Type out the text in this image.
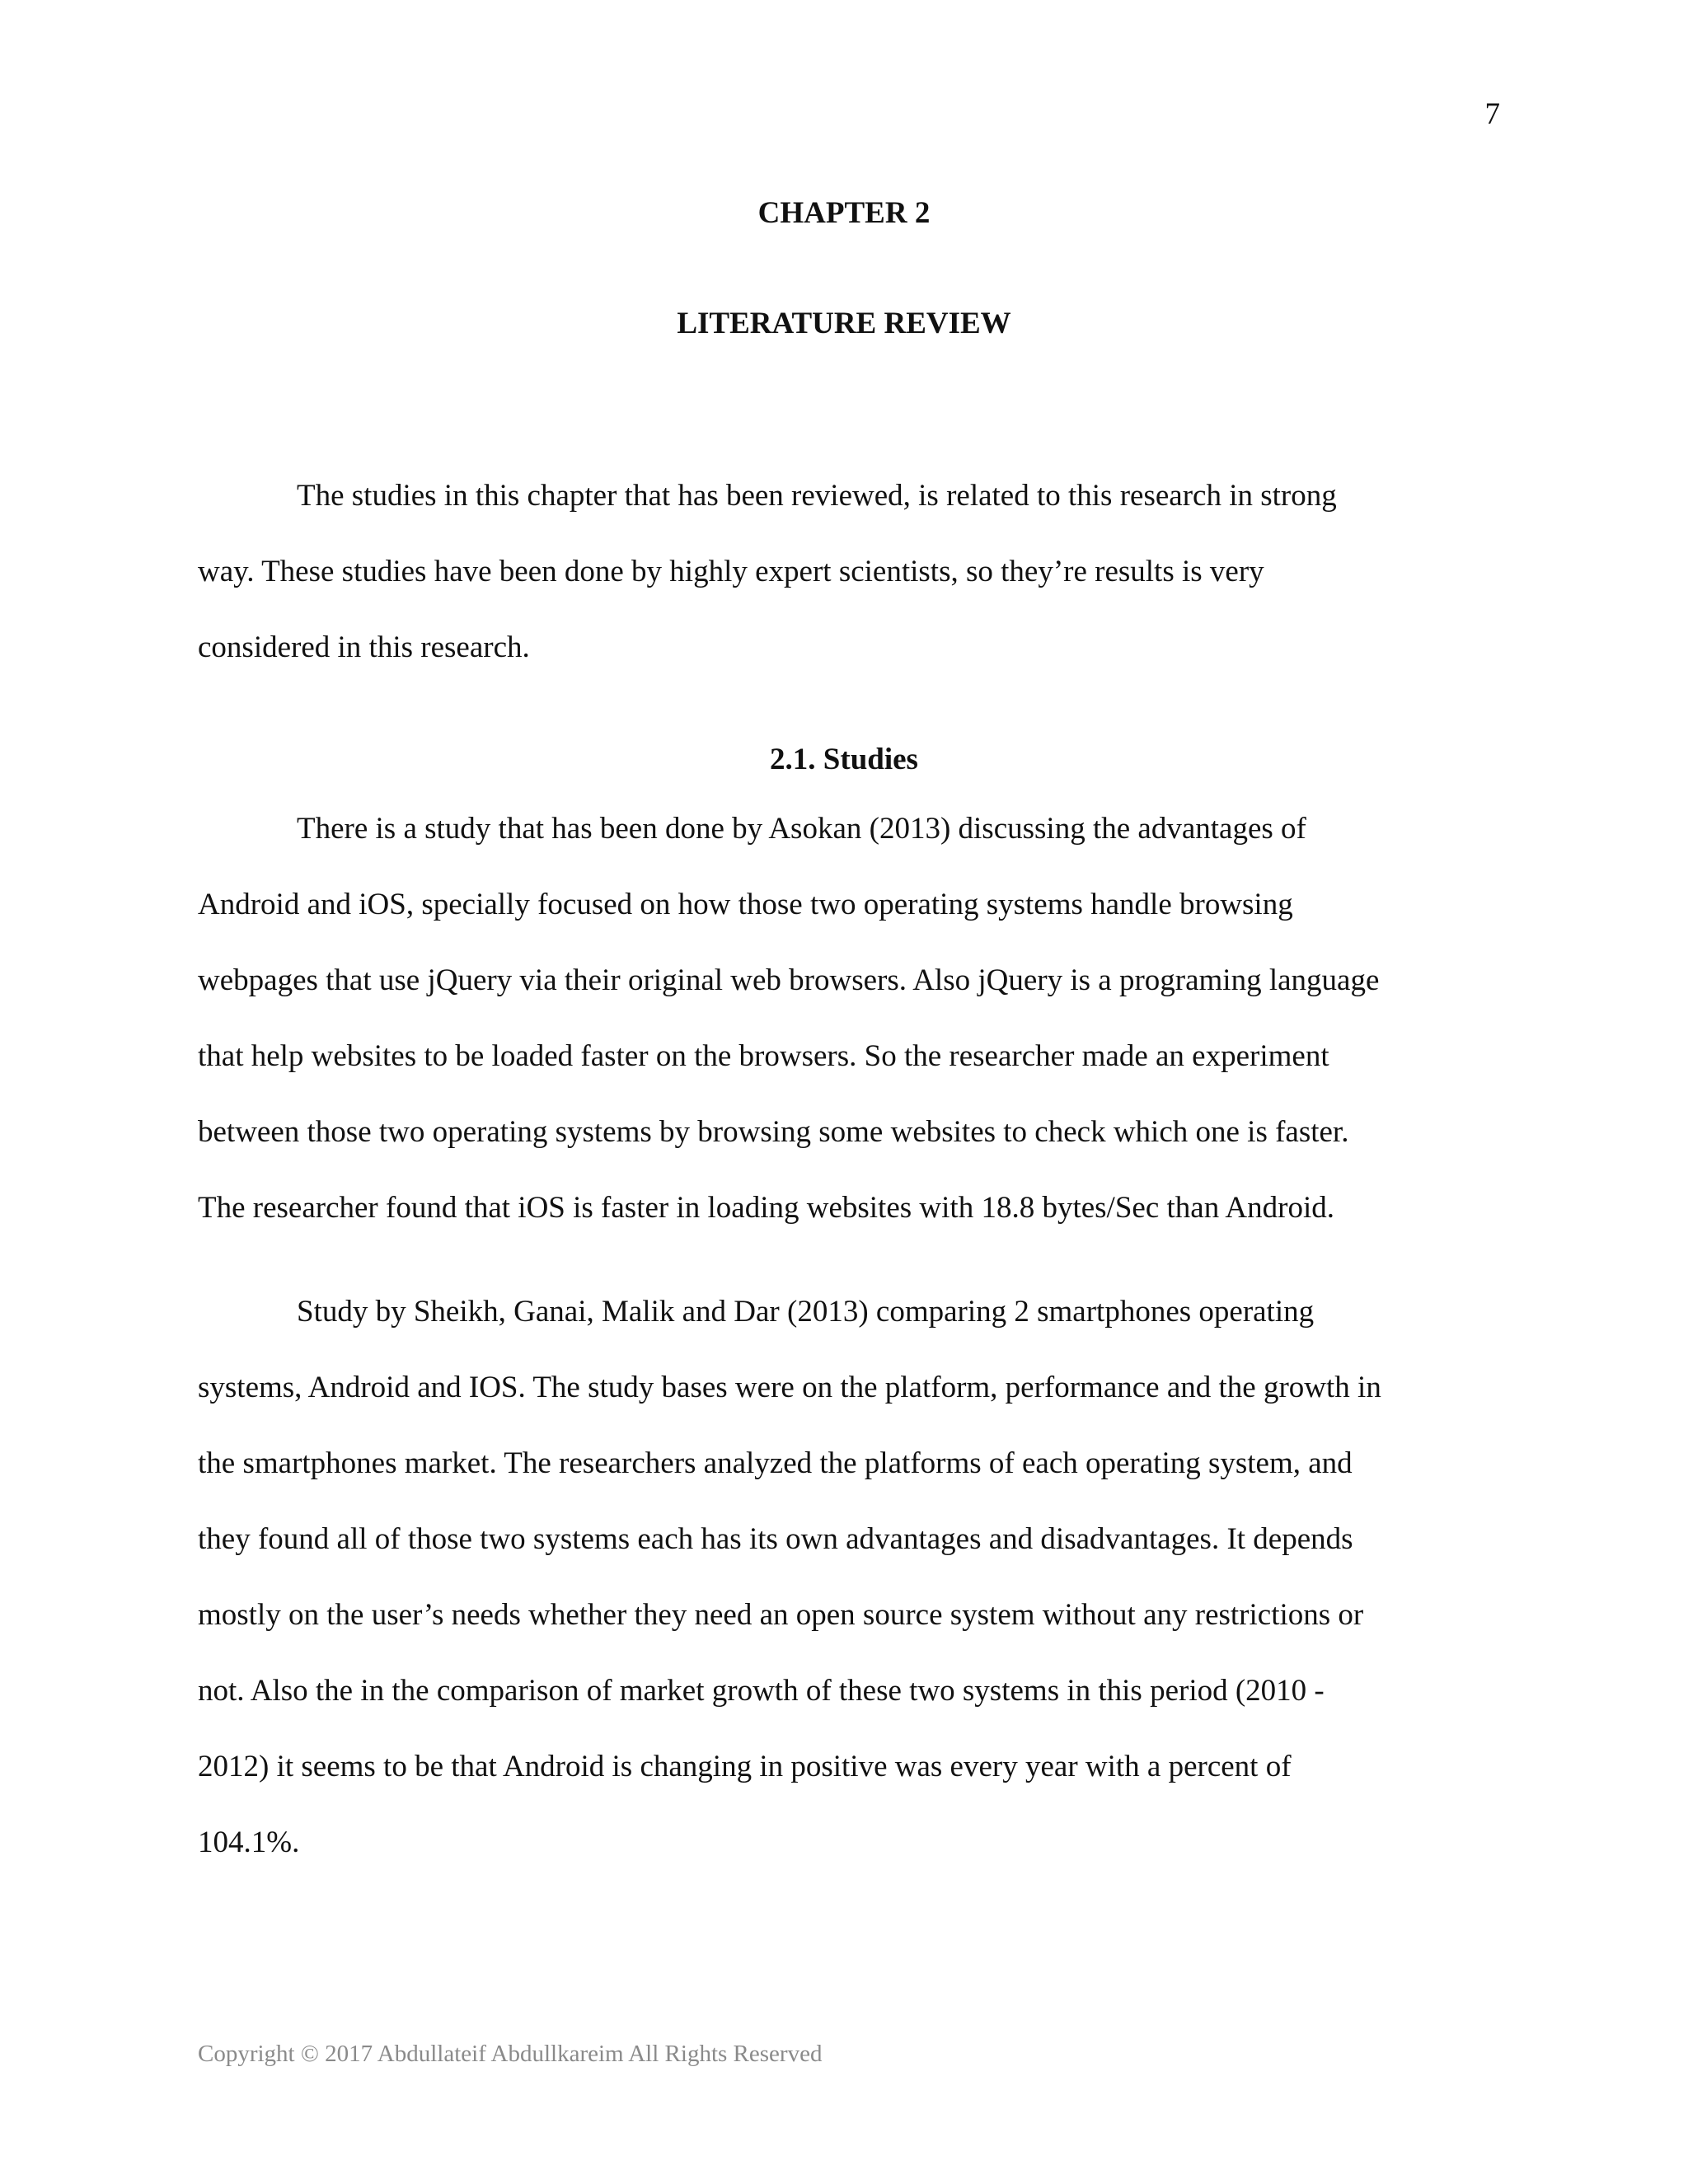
7
CHAPTER 2
LITERATURE REVIEW
The studies in this chapter that has been reviewed, is related to this research in strong
way. These studies have been done by highly expert scientists, so they’re results is very
considered in this research.
2.1. Studies
There is a study that has been done by Asokan (2013) discussing the advantages of
Android and iOS, specially focused on how those two operating systems handle browsing
webpages that use jQuery via their original web browsers. Also jQuery is a programing language
that help websites to be loaded faster on the browsers. So the researcher made an experiment
between those two operating systems by browsing some websites to check which one is faster.
The researcher found that iOS is faster in loading websites with 18.8 bytes/Sec than Android.
Study by Sheikh, Ganai, Malik and Dar (2013) comparing 2 smartphones operating
systems, Android and IOS. The study bases were on the platform, performance and the growth in
the smartphones market. The researchers analyzed the platforms of each operating system, and
they found all of those two systems each has its own advantages and disadvantages. It depends
mostly on the user’s needs whether they need an open source system without any restrictions or
not. Also the in the comparison of market growth of these two systems in this period (2010 -
2012) it seems to be that Android is changing in positive was every year with a percent of
104.1%.
Copyright © 2017 Abdullateif Abdullkareim All Rights Reserved
